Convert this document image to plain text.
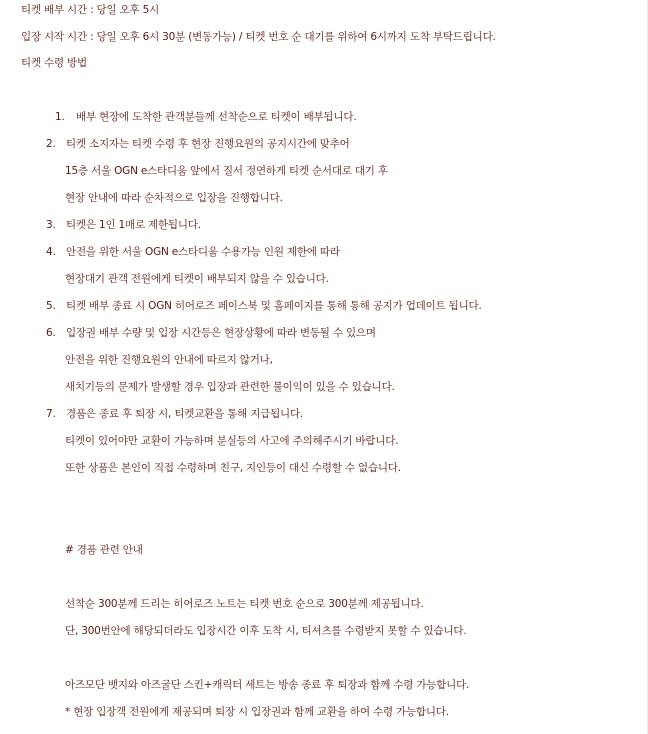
티켓 배부 시간 : 당일 오후 5시
입장 시작 시간 : 당일 오후 6시 30분 (변동가능) / 티켓 번호 순 대기를 위하여 6시까지 도착 부탁드립니다.
티켓 수령 방법
1. 배부 현장에 도착한 관객분들께 선착순으로 티켓이 배부됩니다.
2. 티켓 소지자는 티켓 수령 후 현장 진행요원의 공지시간에 맞추어
15층 서울 OGN e스타디움 앞에서 질서 정연하게 티켓 순서대로 대기 후
현장 안내에 따라 순차적으로 입장을 진행합니다.
3. 티켓은 1인 1매로 제한됩니다.
4. 안전을 위한 서울 OGN e스타디움 수용가능 인원 제한에 따라
현장대기 관객 전원에게 티켓이 배부되지 않을 수 있습니다.
5. 티켓 배부 종료 시 OGN 히어로즈 페이스북 및 홈페이지를 통해 통해 공지가 업데이트 됩니다.
6. 입장권 배부 수량 및 입장 시간등은 현장상황에 따라 변동될 수 있으며
안전을 위한 진행요원의 안내에 따르지 않거나,
새치기등의 문제가 발생할 경우 입장과 관련한 불이익이 있을 수 있습니다.
7. 경품은 종료 후 퇴장 시, 티켓교환을 통해 지급됩니다.
티켓이 있어야만 교환이 가능하며 분실등의 사고에 주의해주시기 바랍니다.
또한 상품은 본인이 직접 수령하며 친구, 지인등이 대신 수령할 수 없습니다.
# 경품 관련 안내
선착순 300분께 드리는 히어로즈 노트는 티켓 번호 순으로 300분께 제공됩니다.
단, 300번안에 해당되더라도 입장시간 이후 도착 시, 티셔츠를 수령받지 못할 수 있습니다.
아즈모단 뱃지와 아즈굴단 스킨+캐릭터 세트는 방송 종료 후 퇴장과 함께 수령 가능합니다.
* 현장 입장객 전원에게 제공되며 퇴장 시 입장권과 함께 교환을 하여 수령 가능합니다.
